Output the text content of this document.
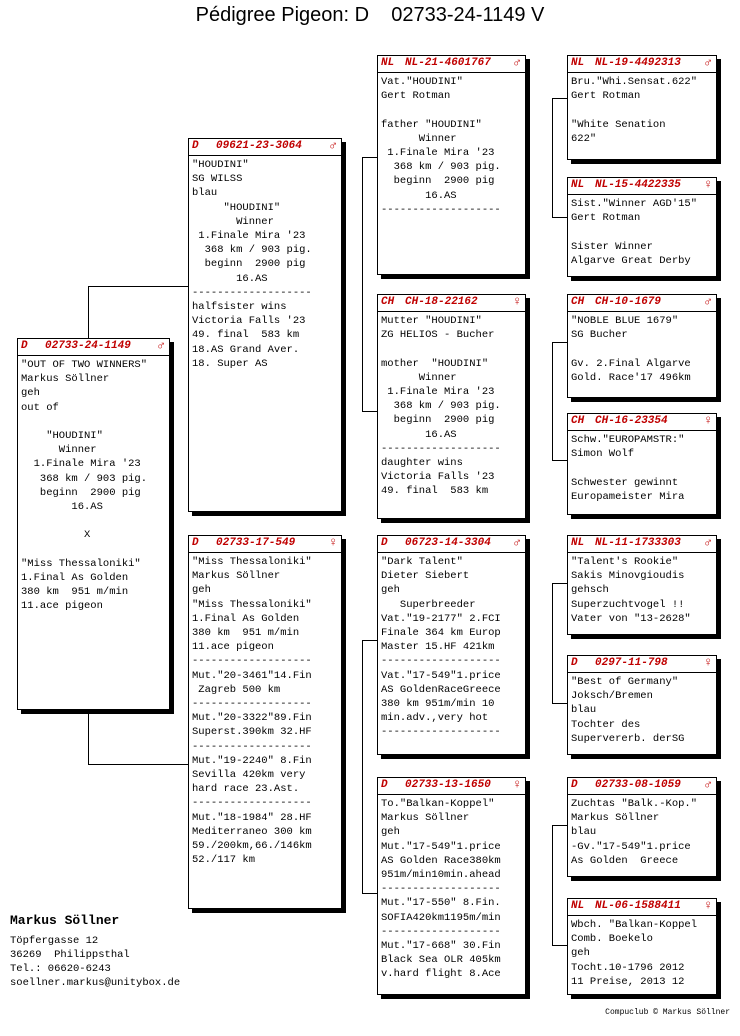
Pédigree Pigeon: D    02733-24-1149 V
D 02733-24-1149 ♂
"OUT OF TWO WINNERS"
Markus Söllner
geh
out of

"HOUDINI"
Winner
1.Finale Mira '23
368 km / 903 pig.
beginn  2900 pig
16.AS

X

"Miss Thessaloniki"
1.Final As Golden
380 km  951 m/min
11.ace pigeon
D 09621-23-3064 ♂
"HOUDINI"
SG WILSS
blau
"HOUDINI"
Winner
1.Finale Mira '23
368 km / 903 pig.
beginn  2900 pig
16.AS
-------------------
halfsister wins
Victoria Falls '23
49. final  583 km
18.AS Grand Aver.
18. Super AS
D 02733-17-549	♀
"Miss Thessaloniki"
Markus Söllner
geh
"Miss Thessaloniki"
1.Final As Golden
380 km  951 m/min
11.ace pigeon
-------------------
Mut."20-3461"14.Fin
Zagreb 500 km
-------------------
Mut."20-3322"89.Fin
Superst.390km 32.HF
-------------------
Mut."19-2240" 8.Fin
Sevilla 420km very
hard race 23.Ast.
-------------------
Mut."18-1984" 28.HF
Mediterraneo 300 km
59./200km,66./146km
52./117 km
NL NL-21-4601767 ♂
Vat."HOUDINI"
Gert Rotman

father "HOUDINI"
Winner
1.Finale Mira '23
368 km / 903 pig.
beginn  2900 pig
16.AS
-------------------
CH CH-18-22162	♀
Mutter "HOUDINI"
ZG HELIOS - Bucher

mother  "HOUDINI"
Winner
1.Finale Mira '23
368 km / 903 pig.
beginn  2900 pig
16.AS
-------------------
daughter wins
Victoria Falls '23
49. final  583 km
D 06723-14-3304 ♂
"Dark Talent"
Dieter Siebert
geh
Superbreeder
Vat."19-2177" 2.FCI
Finale 364 km Europ
Master 15.HF 421km
-------------------
Vat."17-549"1.price
AS GoldenRaceGreece
380 km 951m/min 10
min.adv.,very hot
-------------------
D 02733-13-1650 ♀
To."Balkan-Koppel"
Markus Söllner
geh
Mut."17-549"1.price
AS Golden Race380km
951m/min10min.ahead
-------------------
Mut."17-550" 8.Fin.
SOFIA420km1195m/min
-------------------
Mut."17-668" 30.Fin
Black Sea OLR 405km
v.hard flight 8.Ace
NL NL-19-4492313 ♂
Bru."Whi.Sensat.622"
Gert Rotman

"White Senation
622"
NL NL-15-4422335 ♀
Sist."Winner AGD'15"
Gert Rotman

Sister Winner
Algarve Great Derby
CH CH-10-1679	♂
"NOBLE BLUE 1679"
SG Bucher

Gv. 2.Final Algarve
Gold. Race'17 496km
CH CH-16-23354	♀
Schw."EUROPAMSTR:"
Simon Wolf

Schwester gewinnt
Europameister Mira
NL NL-11-1733303 ♂
"Talent's Rookie"
Sakis Minovgioudis
gehsch
Superzuchtvogel !!
Vater von "13-2628"
D 0297-11-798	♀
"Best of Germany"
Joksch/Bremen
blau
Tochter des
Supervererb. derSG
D 02733-08-1059 ♂
Zuchtas "Balk.-Kop."
Markus Söllner
blau
-Gv."17-549"1.price
As Golden  Greece
NL NL-06-1588411 ♀
Wbch. "Balkan-Koppel
Comb. Boekelo
geh
Tocht.10-1796 2012
11 Preise, 2013 12
Markus Söllner
Töpfergasse 12
36269  Philippsthal
Tel.: 06620-6243
soellner.markus@unitybox.de
Compuclub © Markus Söllner
